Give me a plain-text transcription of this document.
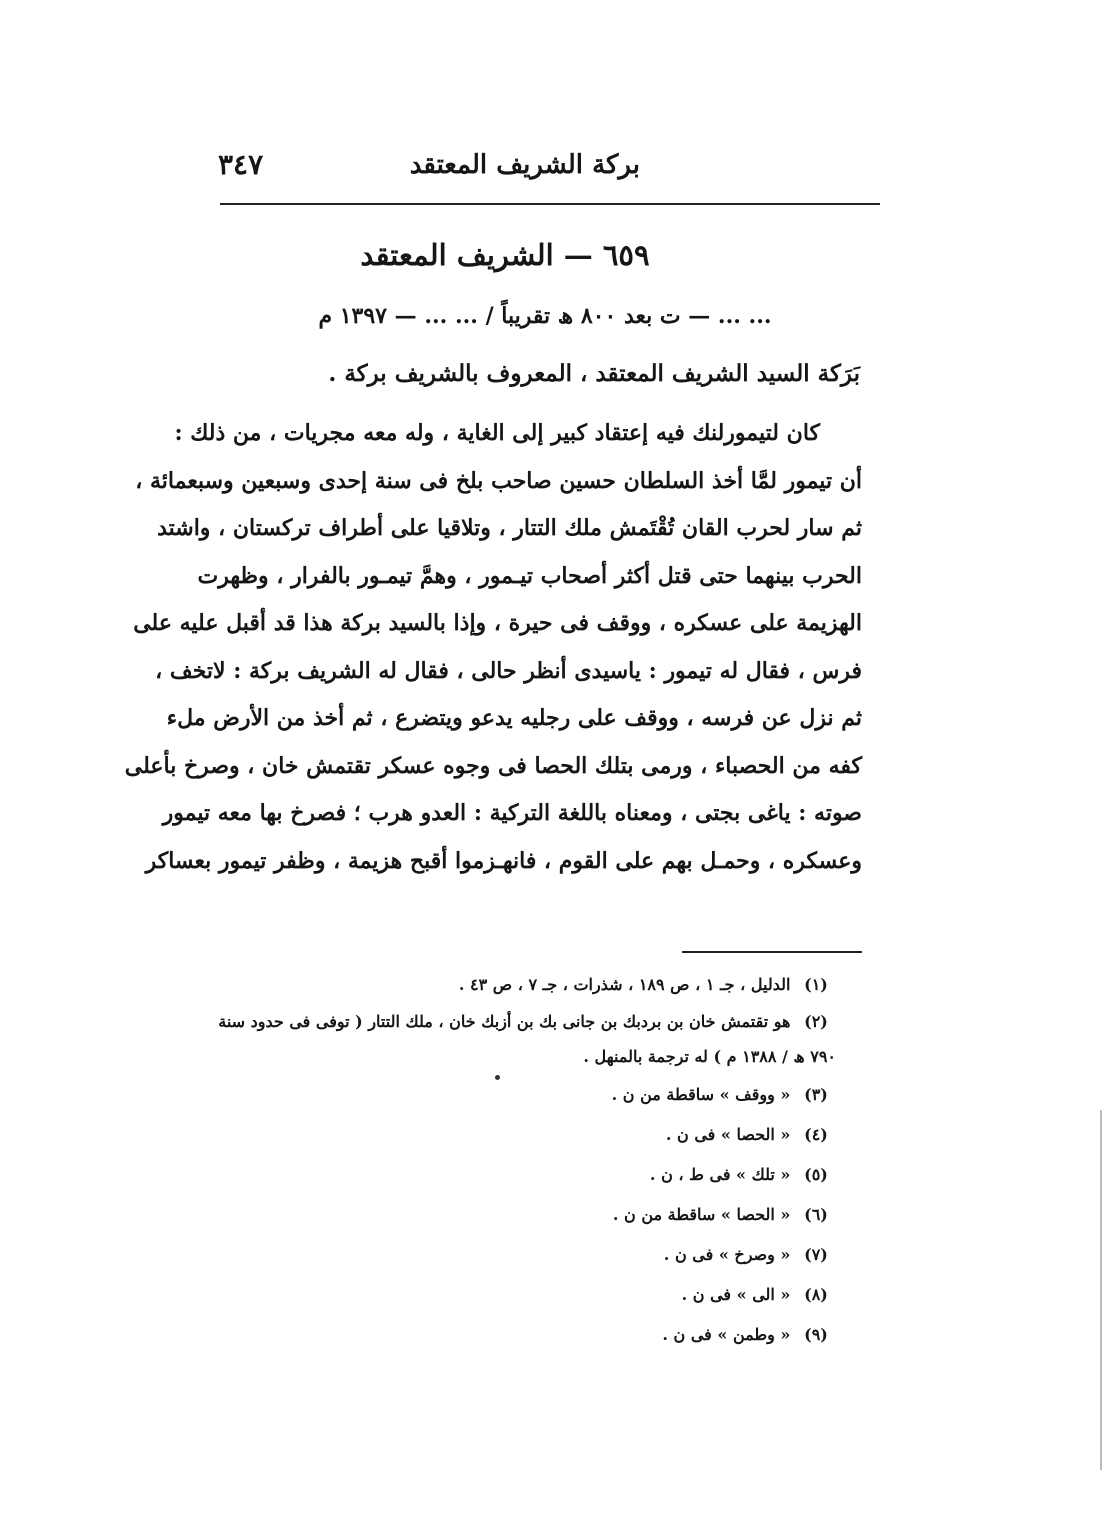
بركة الشريف المعتقد
٣٤٧
٦٥٩ — الشريف المعتقد
... ... — ت بعد ٨٠٠ ھ تقريباً / ... ... — ١٣٩٧ م
بَرَكة السيد الشريف المعتقد ، المعروف بالشريف بركة .
كان لتيمورلنك فيه إعتقاد كبير إلى الغاية ، وله معه مجريات ، من ذلك :
أن تيمور لمَّا أخذ السلطان حسين صاحب بلخ فى سنة إحدى وسبعين وسبعمائة ،
ثم سار لحرب القان تُقْتَمش ملك التتار ، وتلاقيا على أطراف تركستان ، واشتد
الحرب بينهما حتى قتل أكثر أصحاب تيـمور ، وهمَّ تيمـور بالفرار ، وظهرت
الهزيمة على عسكره ، ووقف فى حيرة ، وإذا بالسيد بركة هذا قد أقبل عليه على
فرس ، فقال له تيمور : ياسيدى أنظر حالى ، فقال له الشريف بركة : لاتخف ،
ثم نزل عن فرسه ، ووقف على رجليه يدعو ويتضرع ، ثم أخذ من الأرض ملء
كفه من الحصباء ، ورمى بتلك الحصا فى وجوه عسكر تقتمش خان ، وصرخ بأعلى
صوته : ياغى بجتى ، ومعناه باللغة التركية : العدو هرب ؛ فصرخ بها معه تيمور
وعسكره ، وحمـل بهم على القوم ، فانهـزموا أقبح هزيمة ، وظفر تيمور بعساكر
(١) الدليل ، جـ ١ ، ص ١٨٩ ، شذرات ، جـ ٧ ، ص ٤٣ .
(٢) هو تقتمش خان بن بردبك بن جانى بك بن أزبك خان ، ملك التتار ( توفى فى حدود سنة
٧٩٠ ھ / ١٣٨٨ م ) له ترجمة بالمنهل .
(٣) « ووقف » ساقطة من ن .
(٤) « الحصا » فى ن .
(٥) « تلك » فى ط ، ن .
(٦) « الحصا » ساقطة من ن .
(٧) « وصرخ » فى ن .
(٨) « الى » فى ن .
(٩) « وطمن » فى ن .
